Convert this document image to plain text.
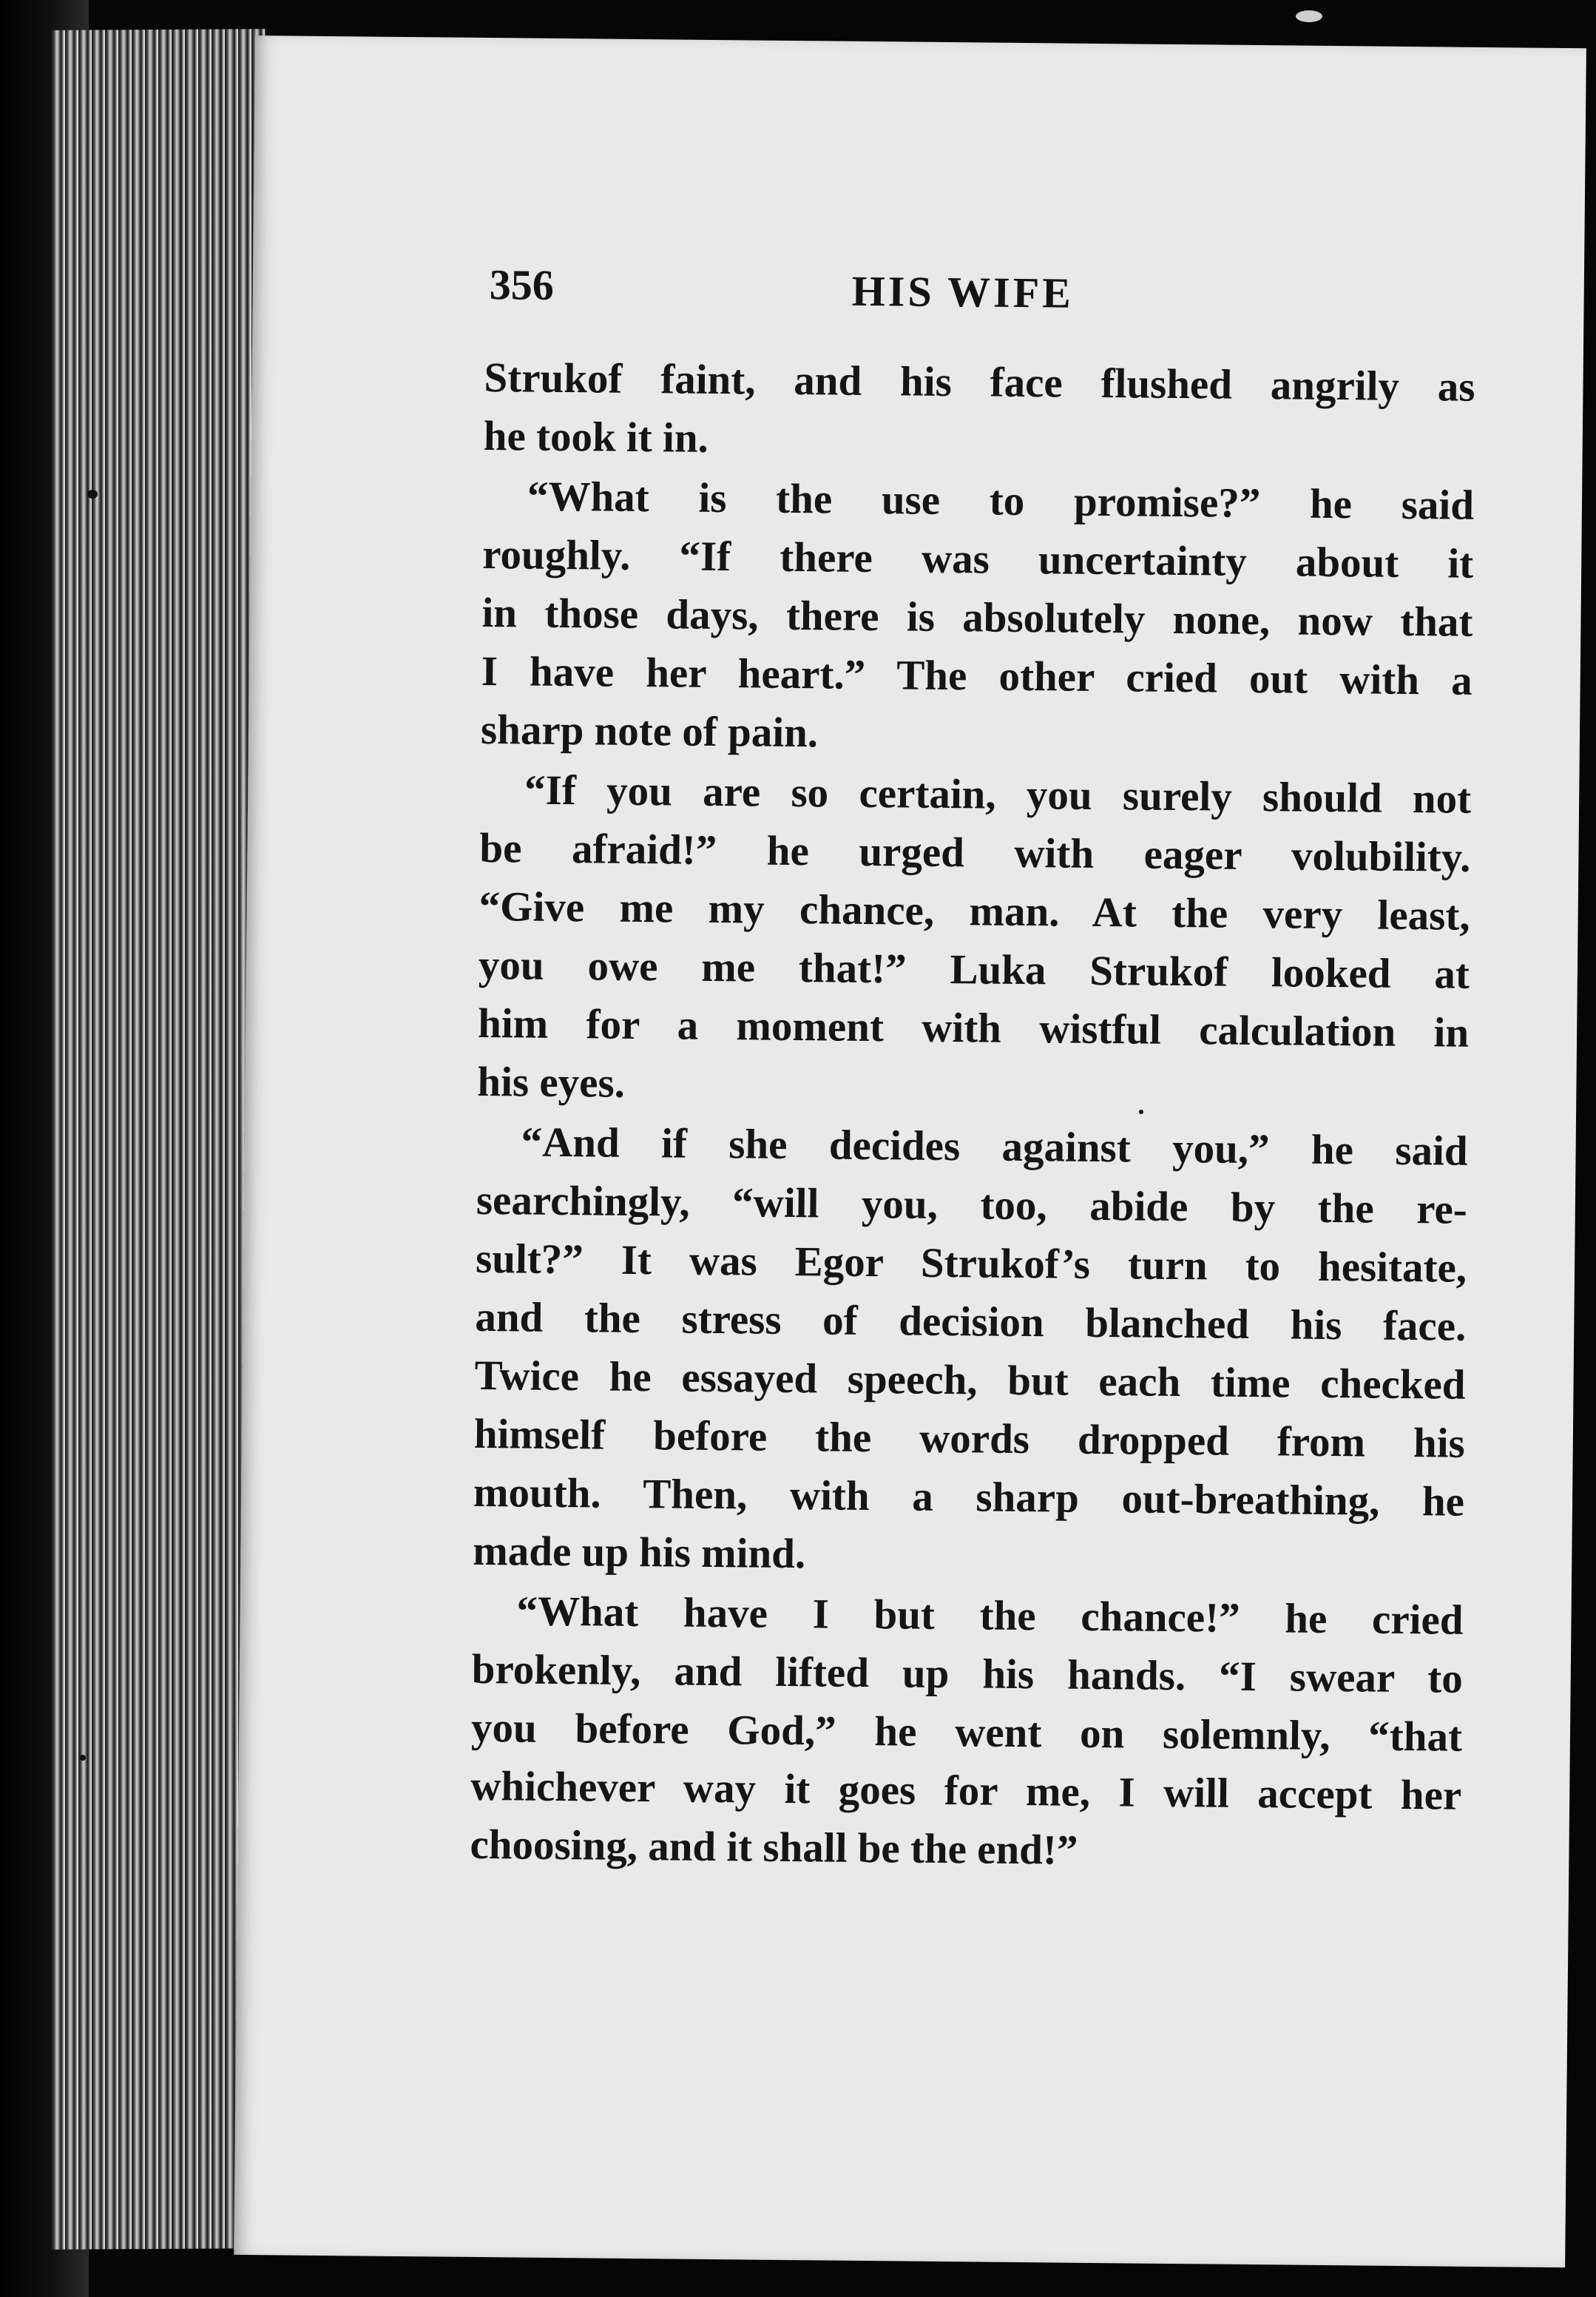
356	HIS WIFE

Strukof faint, and his face flushed angrily as
he took it in.

“What is the use to promise?” he said
roughly. “If there was uncertainty about it
in those days, there is absolutely none, now that
I have her heart.” The other cried out with a
sharp note of pain.

“If you are so certain, you surely should not
be afraid!” he urged with eager volubility.
“Give me my chance, man. At the very least,
you owe me that!” Luka Strukof looked at
him for a moment with wistful calculation in
his eyes.

“And if she decides against you,” he said
searchingly, “will you, too, abide by the re-
sult?” It was Egor Strukof’s turn to hesitate,
and the stress of decision blanched his face.
Twice he essayed speech, but each time checked
himself before the words dropped from his
mouth. Then, with a sharp out-breathing, he
made up his mind.

“What have I but the chance!” he cried
brokenly, and lifted up his hands. “I swear to
you before God,” he went on solemnly, “that
whichever way it goes for me, I will accept her
choosing, and it shall be the end!”
